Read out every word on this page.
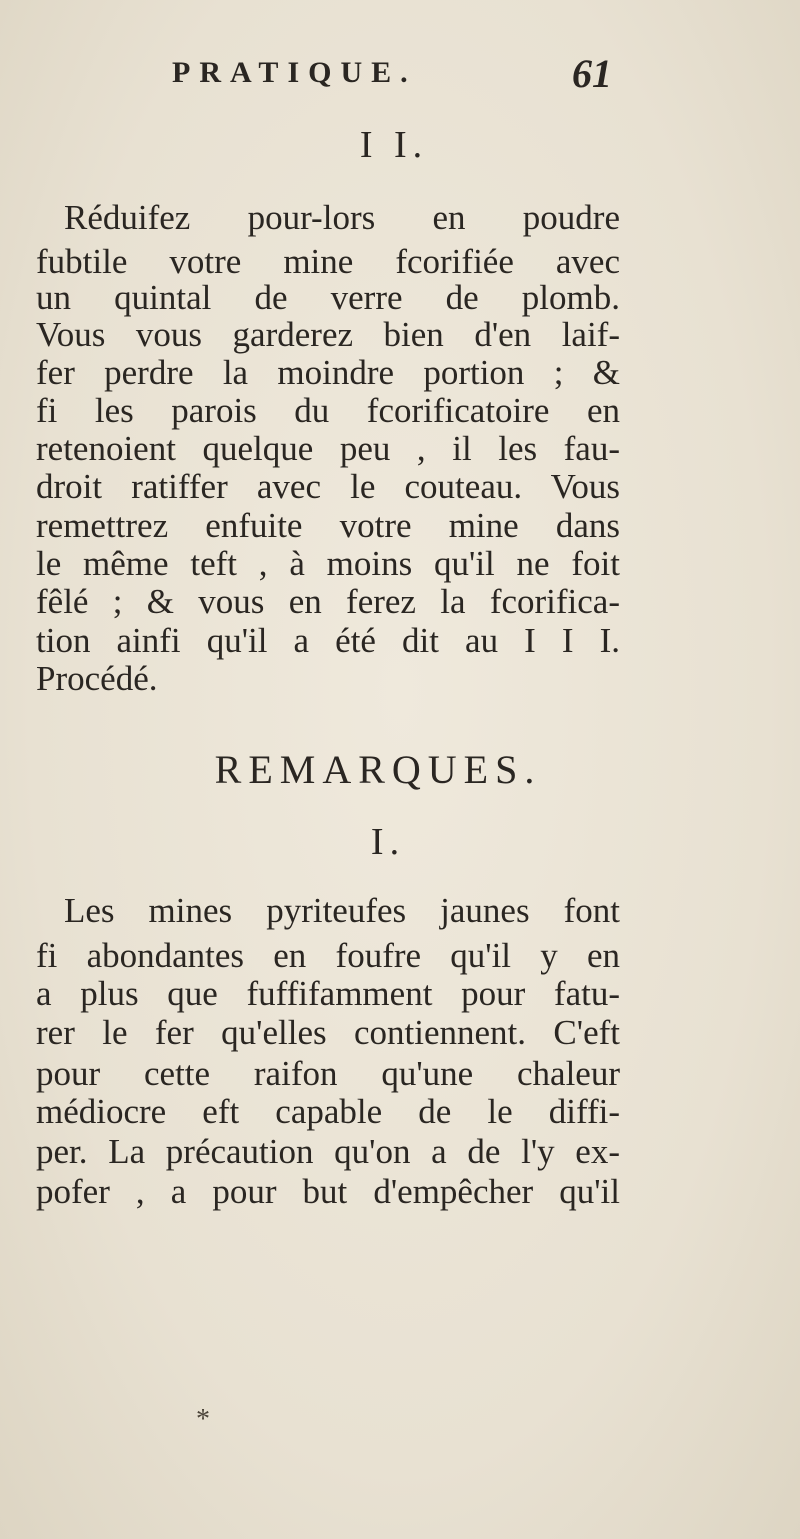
PRATIQUE.	61
I I.
Réduifez pour-lors en poudre
fubtile votre mine fcorifiée avec
un quintal de verre de plomb.
Vous vous garderez bien d'en laif-
fer perdre la moindre portion ; &
fi les parois du fcorificatoire en
retenoient quelque peu , il les fau-
droit ratiffer avec le couteau. Vous
remettrez enfuite votre mine dans
le même teft , à moins qu'il ne foit
fêlé ; & vous en ferez la fcorifica-
tion ainfi qu'il a été dit au I I I.
Procédé.
REMARQUES.
I.
Les mines pyriteufes jaunes font
fi abondantes en foufre qu'il y en
a plus que fuffifamment pour fatu-
rer le fer qu'elles contiennent. C'eft
pour cette raifon qu'une chaleur
médiocre eft capable de le diffi-
per. La précaution qu'on a de l'y ex-
pofer , a pour but d'empêcher qu'il
*
